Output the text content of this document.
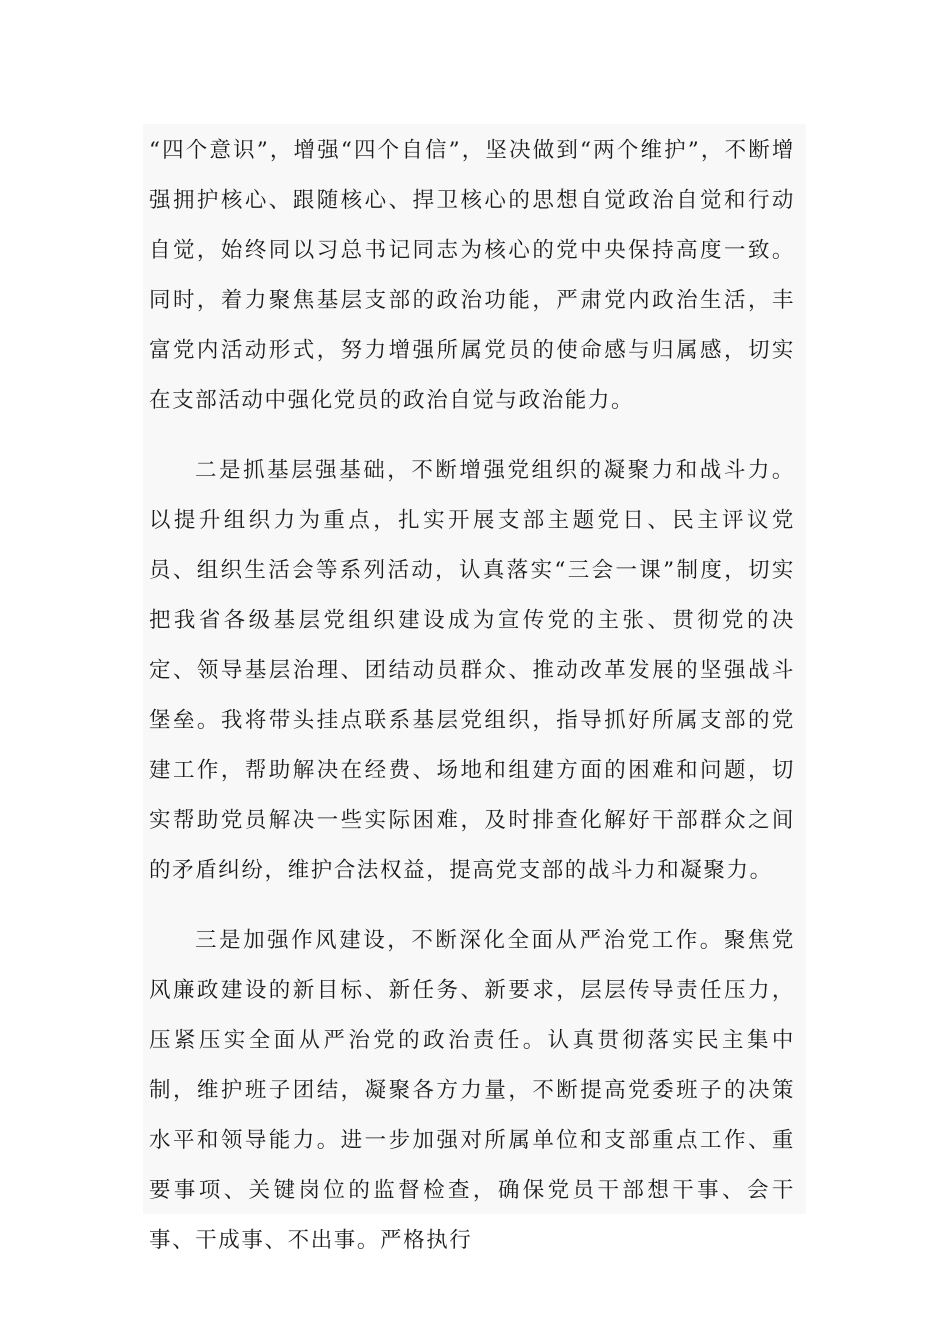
“四个意识”，增强“四个自信”，坚决做到“两个维护”，不断增强拥护核心、跟随核心、捍卫核心的思想自觉政治自觉和行动自觉，始终同以习总书记同志为核心的党中央保持高度一致。同时，着力聚焦基层支部的政治功能，严肃党内政治生活，丰富党内活动形式，努力增强所属党员的使命感与归属感，切实在支部活动中强化党员的政治自觉与政治能力。

二是抓基层强基础，不断增强党组织的凝聚力和战斗力。以提升组织力为重点，扎实开展支部主题党日、民主评议党员、组织生活会等系列活动，认真落实“三会一课”制度，切实把我省各级基层党组织建设成为宣传党的主张、贯彻党的决定、领导基层治理、团结动员群众、推动改革发展的坚强战斗堡垒。我将带头挂点联系基层党组织，指导抓好所属支部的党建工作，帮助解决在经费、场地和组建方面的困难和问题，切实帮助党员解决一些实际困难，及时排查化解好干部群众之间的矛盾纠纷，维护合法权益，提高党支部的战斗力和凝聚力。

三是加强作风建设，不断深化全面从严治党工作。聚焦党风廉政建设的新目标、新任务、新要求，层层传导责任压力，压紧压实全面从严治党的政治责任。认真贯彻落实民主集中制，维护班子团结，凝聚各方力量，不断提高党委班子的决策水平和领导能力。进一步加强对所属单位和支部重点工作、重要事项、关键岗位的监督检查，确保党员干部想干事、会干事、干成事、不出事。严格执行
